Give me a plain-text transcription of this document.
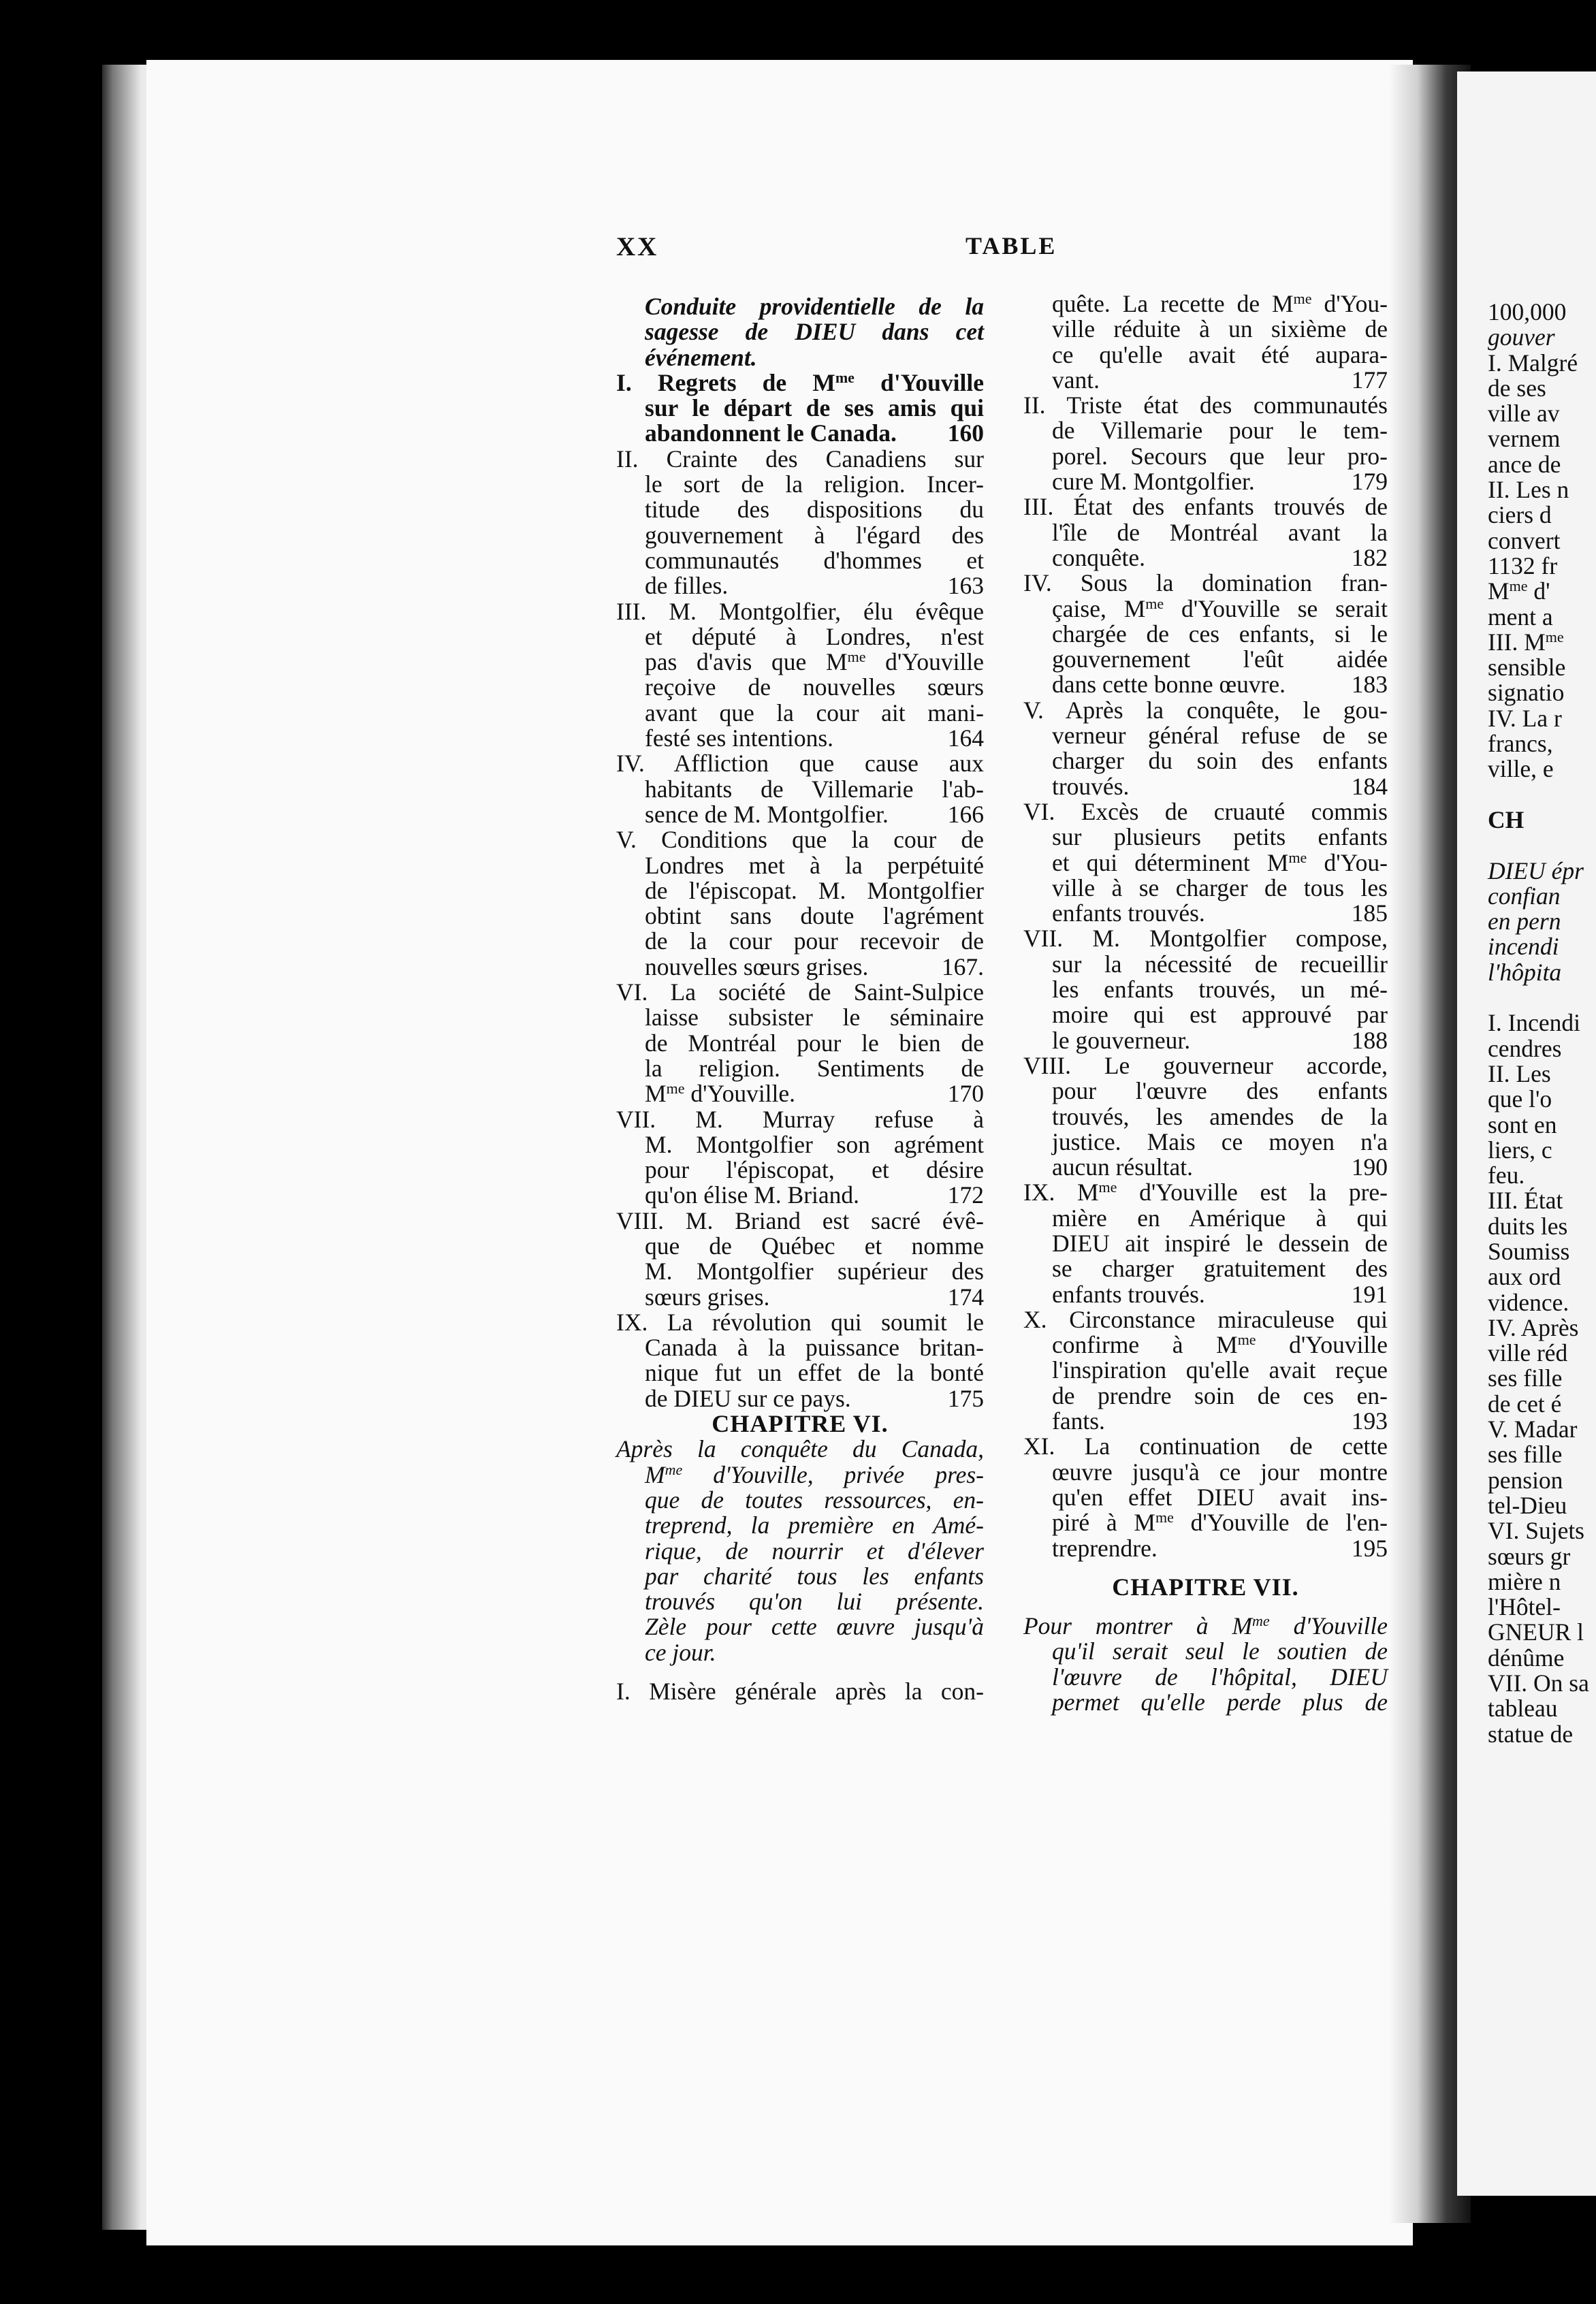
XX	TABLE
Conduite providentielle de la
sagesse de DIEU dans cet
événement.
I. Regrets de $M^{me}$ d'Youville
sur le départ de ses amis qui
abandonnent le Canada. 160
II. Crainte des Canadiens sur
le sort de la religion. Incer-
titude des dispositions du
gouvernement à l'égard des
communautés d'hommes et
de filles.	163
III. M. Montgolfier, élu évêque
et député à Londres, n'est
pas d'avis que $M^{me}$ d'Youville
reçoive de nouvelles sœurs
avant que la cour ait mani-
festé ses intentions.	164
IV. Affliction que cause aux
habitants de Villemarie l'ab-
sence de M. Montgolfier. 166
V. Conditions que la cour de
Londres met à la perpétuité
de l'épiscopat. M. Montgolfier
obtint sans doute l'agrément
de la cour pour recevoir de
nouvelles sœurs grises.	167.
VI. La société de Saint-Sulpice
laisse subsister le séminaire
de Montréal pour le bien de
la religion. Sentiments de
$M^{me}$ d'Youville.	170
VII. M. Murray refuse à
M. Montgolfier son agrément
pour l'épiscopat, et désire
qu'on élise M. Briand.	172
VIII. M. Briand est sacré évê-
que de Québec et nomme
M. Montgolfier supérieur des
sœurs grises.	174
IX. La révolution qui soumit le
Canada à la puissance britan-
nique fut un effet de la bonté
de DIEU sur ce pays.	175
CHAPITRE VI.
Après la conquête du Canada,
$M^{me}$ d'Youville, privée pres-
que de toutes ressources, en-
treprend, la première en Amé-
rique, de nourrir et d'élever
par charité tous les enfants
trouvés qu'on lui présente.
Zèle pour cette œuvre jusqu'à
ce jour.
I. Misère générale après la con-
quête. La recette de $M^{me}$ d'You-
ville réduite à un sixième de
ce qu'elle avait été aupara-
vant.	177
II. Triste état des communautés
de Villemarie pour le tem-
porel. Secours que leur pro-
cure M. Montgolfier.	179
III. État des enfants trouvés de
l'île de Montréal avant la
conquête.	182
IV. Sous la domination fran-
çaise, $M^{me}$ d'Youville se serait
chargée de ces enfants, si le
gouvernement l'eût aidée
dans cette bonne œuvre.	183
V. Après la conquête, le gou-
verneur général refuse de se
charger du soin des enfants
trouvés.	184
VI. Excès de cruauté commis
sur plusieurs petits enfants
et qui déterminent $M^{me}$ d'You-
ville à se charger de tous les
enfants trouvés.	185
VII. M. Montgolfier compose,
sur la nécessité de recueillir
les enfants trouvés, un mé-
moire qui est approuvé par
le gouverneur.	188
VIII. Le gouverneur accorde,
pour l'œuvre des enfants
trouvés, les amendes de la
justice. Mais ce moyen n'a
aucun résultat.	190
IX. $M^{me}$ d'Youville est la pre-
mière en Amérique à qui
DIEU ait inspiré le dessein de
se charger gratuitement des
enfants trouvés.	191
X. Circonstance miraculeuse qui
confirme à $M^{me}$ d'Youville
l'inspiration qu'elle avait reçue
de prendre soin de ces en-
fants.	193
XI. La continuation de cette
œuvre jusqu'à ce jour montre
qu'en effet DIEU avait ins-
piré à $M^{me}$ d'Youville de l'en-
treprendre.	195
CHAPITRE VII.
Pour montrer à $M^{me}$ d'Youville
qu'il serait seul le soutien de
l'œuvre de l'hôpital, DIEU
permet qu'elle perde plus de
100,000
gouver
I. Malgré
de ses
ville av
vernem
ance de
II. Les n
ciers d
convert
1132 fr
$M^{me}$ d'
ment a
III. $M^{me}$
sensible
signatio
IV. La r
francs,
ville, e
CH
DIEU épr
confian
en pern
incendi
l'hôpita
I. Incendi
cendres
II. Les
que l'o
sont en
liers, c
feu.
III. État
duits les
Soumiss
aux ord
vidence.
IV. Après
ville réd
ses fille
de cet é
V. Madar
ses fille
pension
tel-Dieu
VI. Sujets
sœurs gr
mière n
l'Hôtel-
GNEUR l
dénûme
VII. On sa
tableau
statue de
